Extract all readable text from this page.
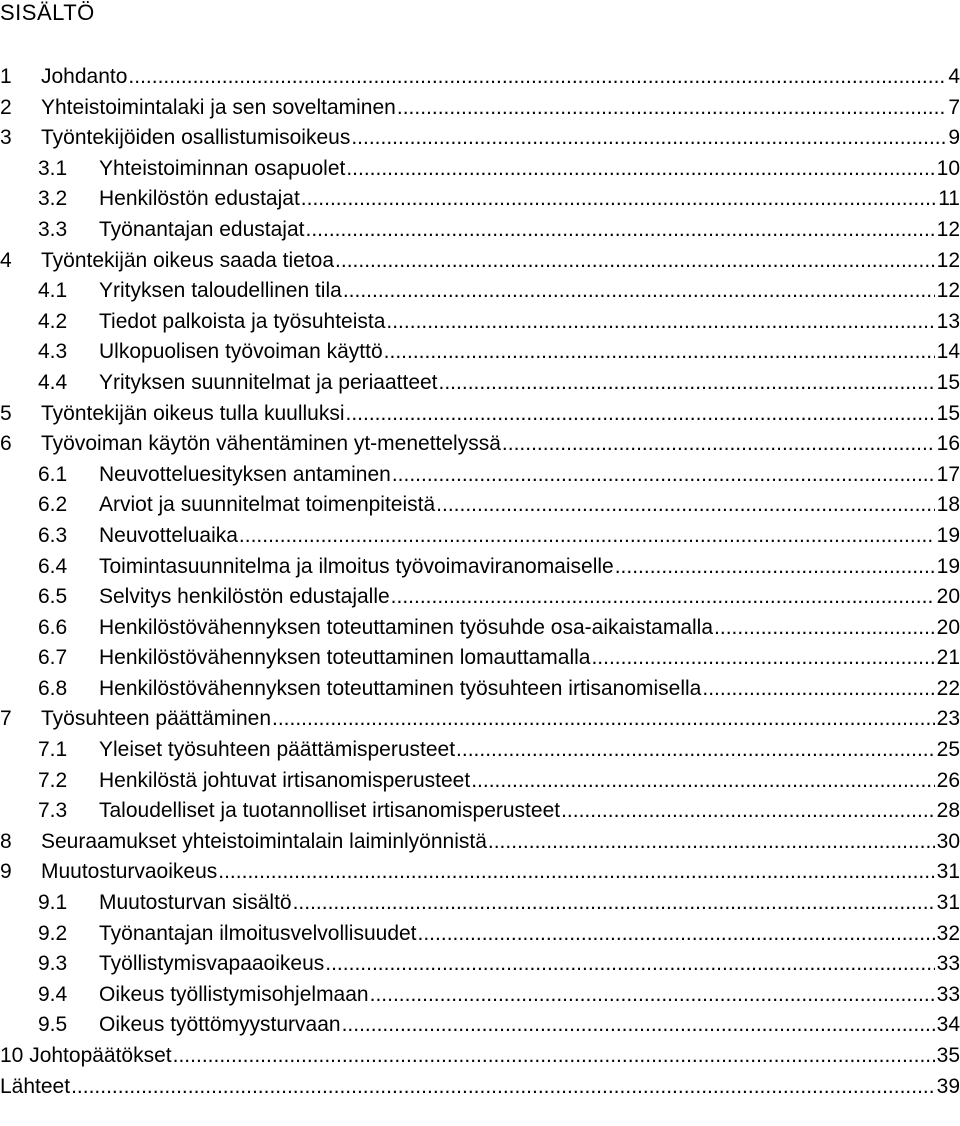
SISÄLTÖ
1	Johdanto .....	4
2	Yhteistoimintalaki ja sen soveltaminen .....	7
3	Työntekijöiden osallistumisoikeus .....	9
3.1	Yhteistoiminnan osapuolet .....	10
3.2	Henkilöstön edustajat .....	11
3.3	Työnantajan edustajat .....	12
4	Työntekijän oikeus saada tietoa .....	12
4.1	Yrityksen taloudellinen tila .....	12
4.2	Tiedot palkoista ja työsuhteista .....	13
4.3	Ulkopuolisen työvoiman käyttö .....	14
4.4	Yrityksen suunnitelmat ja periaatteet .....	15
5	Työntekijän oikeus tulla kuulluksi .....	15
6	Työvoiman käytön vähentäminen yt-menettelyssä .....	16
6.1	Neuvotteluesityksen antaminen .....	17
6.2	Arviot ja suunnitelmat toimenpiteistä .....	18
6.3	Neuvotteluaika .....	19
6.4	Toimintasuunnitelma ja ilmoitus työvoimaviranomaiselle .....	19
6.5	Selvitys henkilöstön edustajalle .....	20
6.6	Henkilöstövähennyksen toteuttaminen työsuhde osa-aikaistamalla .....	20
6.7	Henkilöstövähennyksen toteuttaminen lomauttamalla .....	21
6.8	Henkilöstövähennyksen toteuttaminen työsuhteen irtisanomisella .....	22
7	Työsuhteen päättäminen .....	23
7.1	Yleiset työsuhteen päättämisperusteet .....	25
7.2	Henkilöstä johtuvat irtisanomisperusteet .....	26
7.3	Taloudelliset ja tuotannolliset irtisanomisperusteet .....	28
8	Seuraamukset yhteistoimintalain laiminlyönnistä .....	30
9	Muutosturvaoikeus .....	31
9.1	Muutosturvan sisältö .....	31
9.2	Työnantajan ilmoitusvelvollisuudet .....	32
9.3	Työllistymisvapaaoikeus .....	33
9.4	Oikeus työllistymisohjelmaan .....	33
9.5	Oikeus työttömyysturvaan .....	34
10 Johtopäätökset .....	35
Lähteet .....	39
